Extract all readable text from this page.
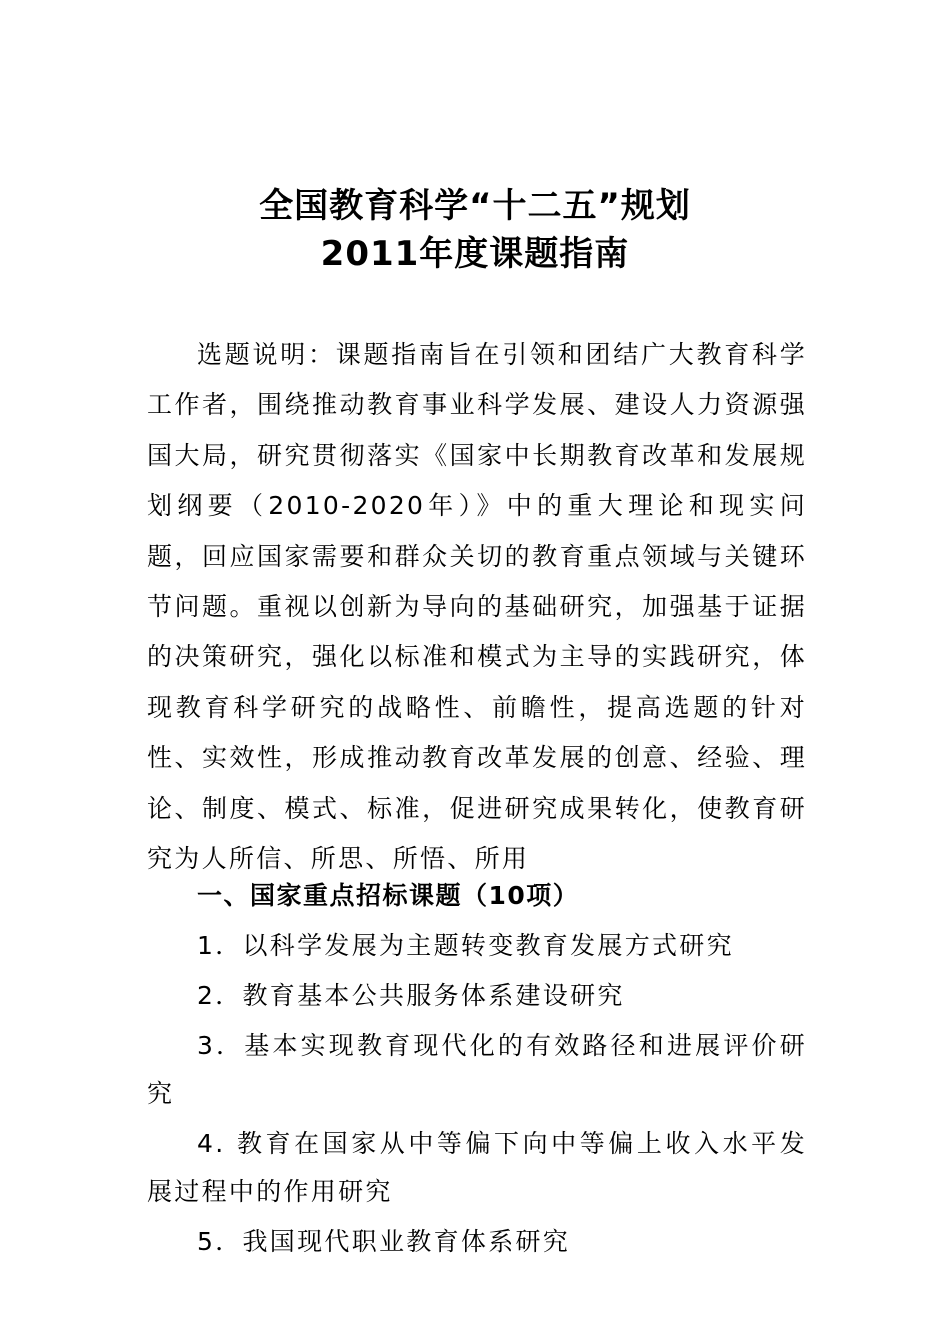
全国教育科学“十二五”规划
2011年度课题指南
选题说明：课题指南旨在引领和团结广大教育科学工作者，围绕推动教育事业科学发展、建设人力资源强国大局，研究贯彻落实《国家中长期教育改革和发展规划纲要（2010-2020年）》中的重大理论和现实问题，回应国家需要和群众关切的教育重点领域与关键环节问题。重视以创新为导向的基础研究，加强基于证据的决策研究，强化以标准和模式为主导的实践研究，体现教育科学研究的战略性、前瞻性，提高选题的针对性、实效性，形成推动教育改革发展的创意、经验、理论、制度、模式、标准，促进研究成果转化，使教育研究为人所信、所思、所悟、所用
一、国家重点招标课题（10项）
1．以科学发展为主题转变教育发展方式研究
2．教育基本公共服务体系建设研究
3．基本实现教育现代化的有效路径和进展评价研究
4. 教育在国家从中等偏下向中等偏上收入水平发展过程中的作用研究
5．我国现代职业教育体系研究
